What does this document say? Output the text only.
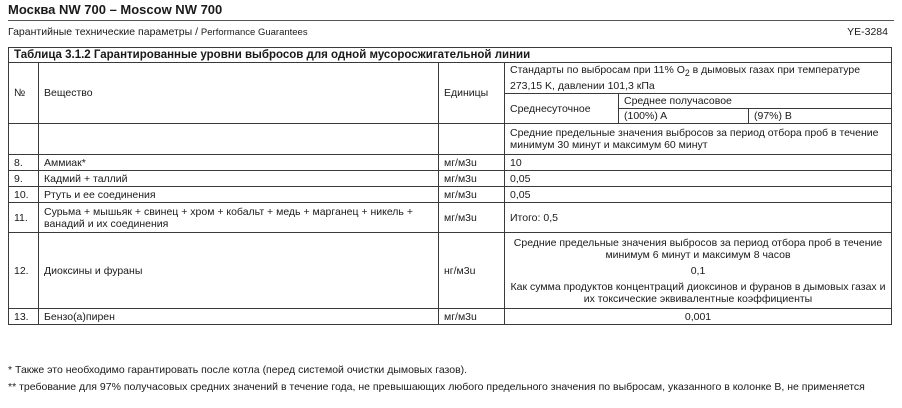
Москва NW 700 – Moscow NW 700
Гарантийные технические параметры / Performance Guarantees	YE-3284
Таблица 3.1.2 Гарантированные уровни выбросов для одной мусоросжигательной линии					
№	Вещество	Единицы	Стандарты по выбросам при 11% $O_2$ в дымовых газах при температуре 273,15 K, давлении 101,3 кПа		
			Среднесуточное	Среднее получасовое	
				(100%) A	(97%) B
			Средние предельные значения выбросов за период отбора проб в течение минимум 30 минут и максимум 60 минут		
8.	Аммиак*	мг/м3u	10		
9.	Кадмий + таллий	мг/м3u	0,05		
10.	Ртуть и ее соединения	мг/м3u	0,05		
11.	Сурьма + мышьяк + свинец + хром + кобальт + медь + марганец + никель + ванадий и их соединения	мг/м3u	Итого: 0,5		
12.	Диоксины и фураны	нг/м3u	Средние предельные значения выбросов за период отбора проб в течение минимум 6 минут и максимум 8 часов
0,1
Как сумма продуктов концентраций диоксинов и фуранов в дымовых газах и их токсические эквивалентные коэффициенты		

13.	Бензо(а)пирен	мг/м3u	0,001		
* Также это необходимо гарантировать после котла (перед системой очистки дымовых газов).
** требование для 97% получасовых средних значений в течение года, не превышающих любого предельного значения по выбросам, указанного в колонке B, не применяется
